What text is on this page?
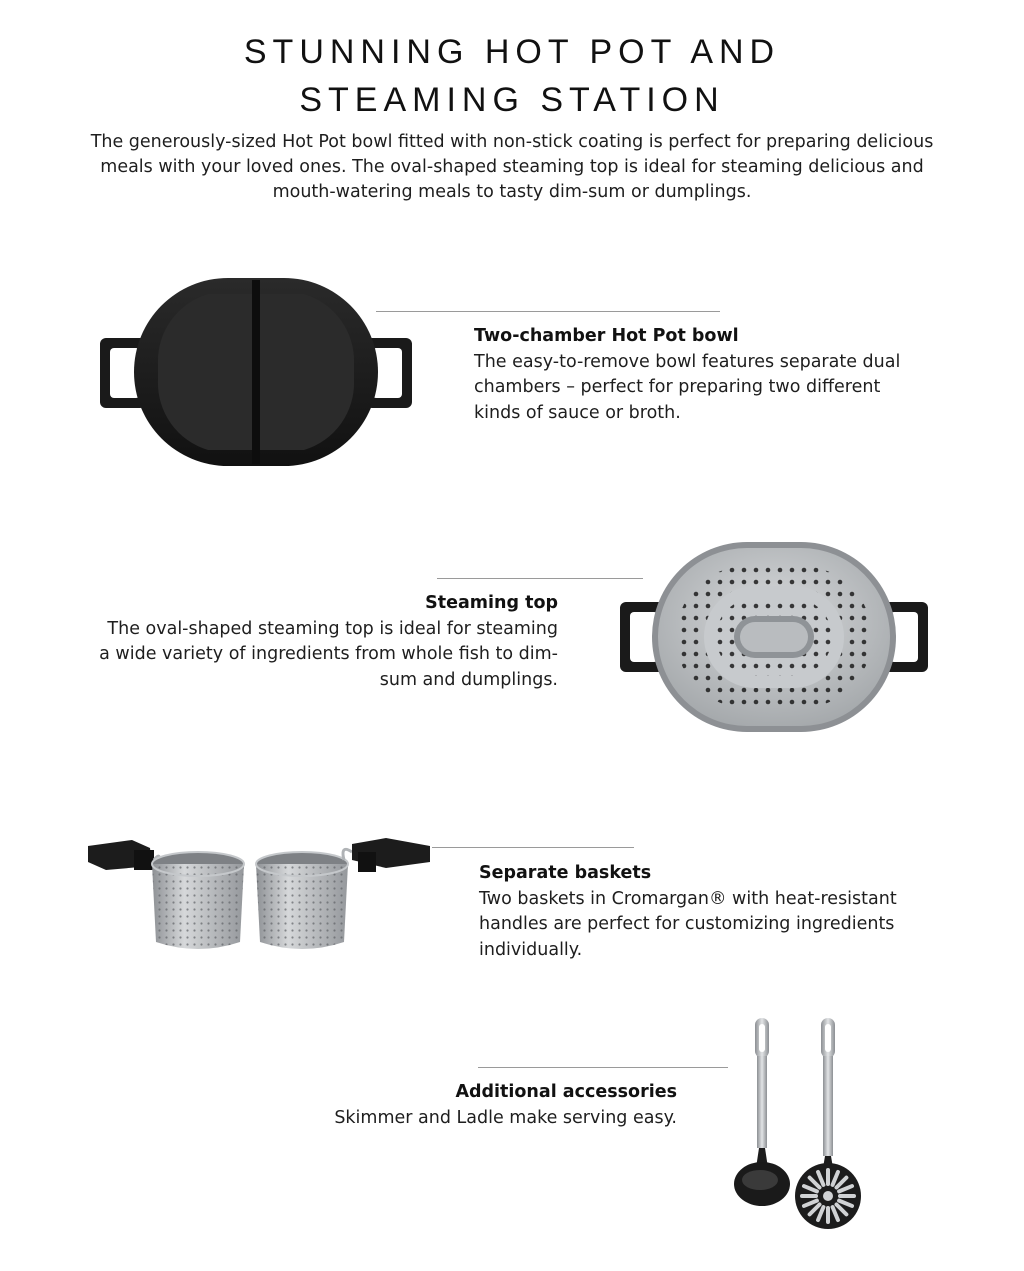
STUNNING HOT POT AND
STEAMING STATION

The generously-sized Hot Pot bowl fitted with non-stick coating is perfect for preparing delicious meals with your loved ones. The oval-shaped steaming top is ideal for steaming delicious and mouth-watering meals to tasty dim-sum or dumplings.

Two-chamber Hot Pot bowl

The easy-to-remove bowl features separate dual chambers – perfect for preparing two different kinds of sauce or broth.

Steaming top

The oval-shaped steaming top is ideal for steaming a wide variety of ingredients from whole fish to dim-sum and dumplings.

Separate baskets

Two baskets in Cromargan® with heat-resistant handles are perfect for customizing ingredients individually.

Additional accessories

Skimmer and Ladle make serving easy.
